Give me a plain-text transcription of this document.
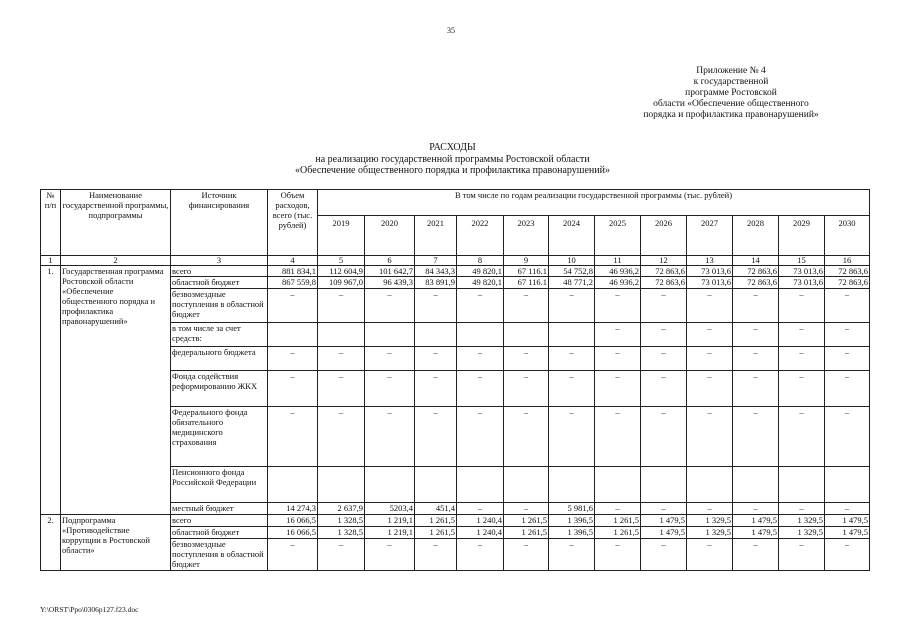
35
Приложение № 4
к государственной
программе Ростовской
области «Обеспечение общественного
порядка и профилактика правонарушений»
РАСХОДЫ
на реализацию государственной программы Ростовской области
«Обеспечение общественного порядка и профилактика правонарушений»
№ п/п	Наименование государственной программы, подпрограммы	Источник финансирования	Объем расходов, всего (тыс. рублей)	В том числе по годам реализации государственной программы (тыс. рублей)											
				2019	2020	2021	2022	2023	2024	2025	2026	2027	2028	2029	2030
1	2	3	4	5	6	7	8	9	10	11	12	13	14	15	16
1.	Государственная программа Ростовской области «Обеспечение общественного порядка и профилактика правонарушений»	всего	881 834,1	112 604,9	101 642,7	84 343,3	49 820,1	67 116.1	54 752,8	46 936,2	72 863,6	73 013,6	72 863,6	73 013,6	72 863,6
		областной бюджет	867 559,8	109 967,0	96 439,3	83 891,9	49 820,1	67 116.1	48 771,2	46 936,2	72 863,6	73 013,6	72 863,6	73 013,6	72 863,6
		безвозмездные поступления в областной бюджет	–	–	–	–	–	–	–	–	–	–	–	–	–
		в том числе за счет средств:								–	–	–	–	–	–
		федерального бюджета	–	–	–	–	–	–	–	–	–	–	–	–	–
		Фонда содействия реформированию ЖКХ	–	–	–	–	–	–	–	–	–	–	–	–	–
		Федерального фонда обязательного медицинского страхования	–	–	–	–	–	–	–	–	–	–	–	–	–
		Пенсионного фонда Российской Федерации													
		местный бюджет	14 274,3	2 637,9	5203,4	451,4	–	–	5 981,6	–	–	–	–	–	–
2.	Подпрограмма «Противодействие коррупции в Ростовской области»	всего	16 066,5	1 328,5	1 219,1	1 261,5	1 240,4	1 261,5	1 396,5	1 261,5	1 479,5	1 329,5	1 479,5	1 329,5	1 479,5
		областной бюджет	16 066,5	1 328,5	1 219,1	1 261,5	1 240,4	1 261,5	1 396,5	1 261,5	1 479,5	1 329,5	1 479,5	1 329,5	1 479,5
		безвозмездные поступления в областной бюджет	–	–	–	–	–	–	–	–	–	–	–	–	–
Y:\ORST\Ppo\0306p127.f23.doc
